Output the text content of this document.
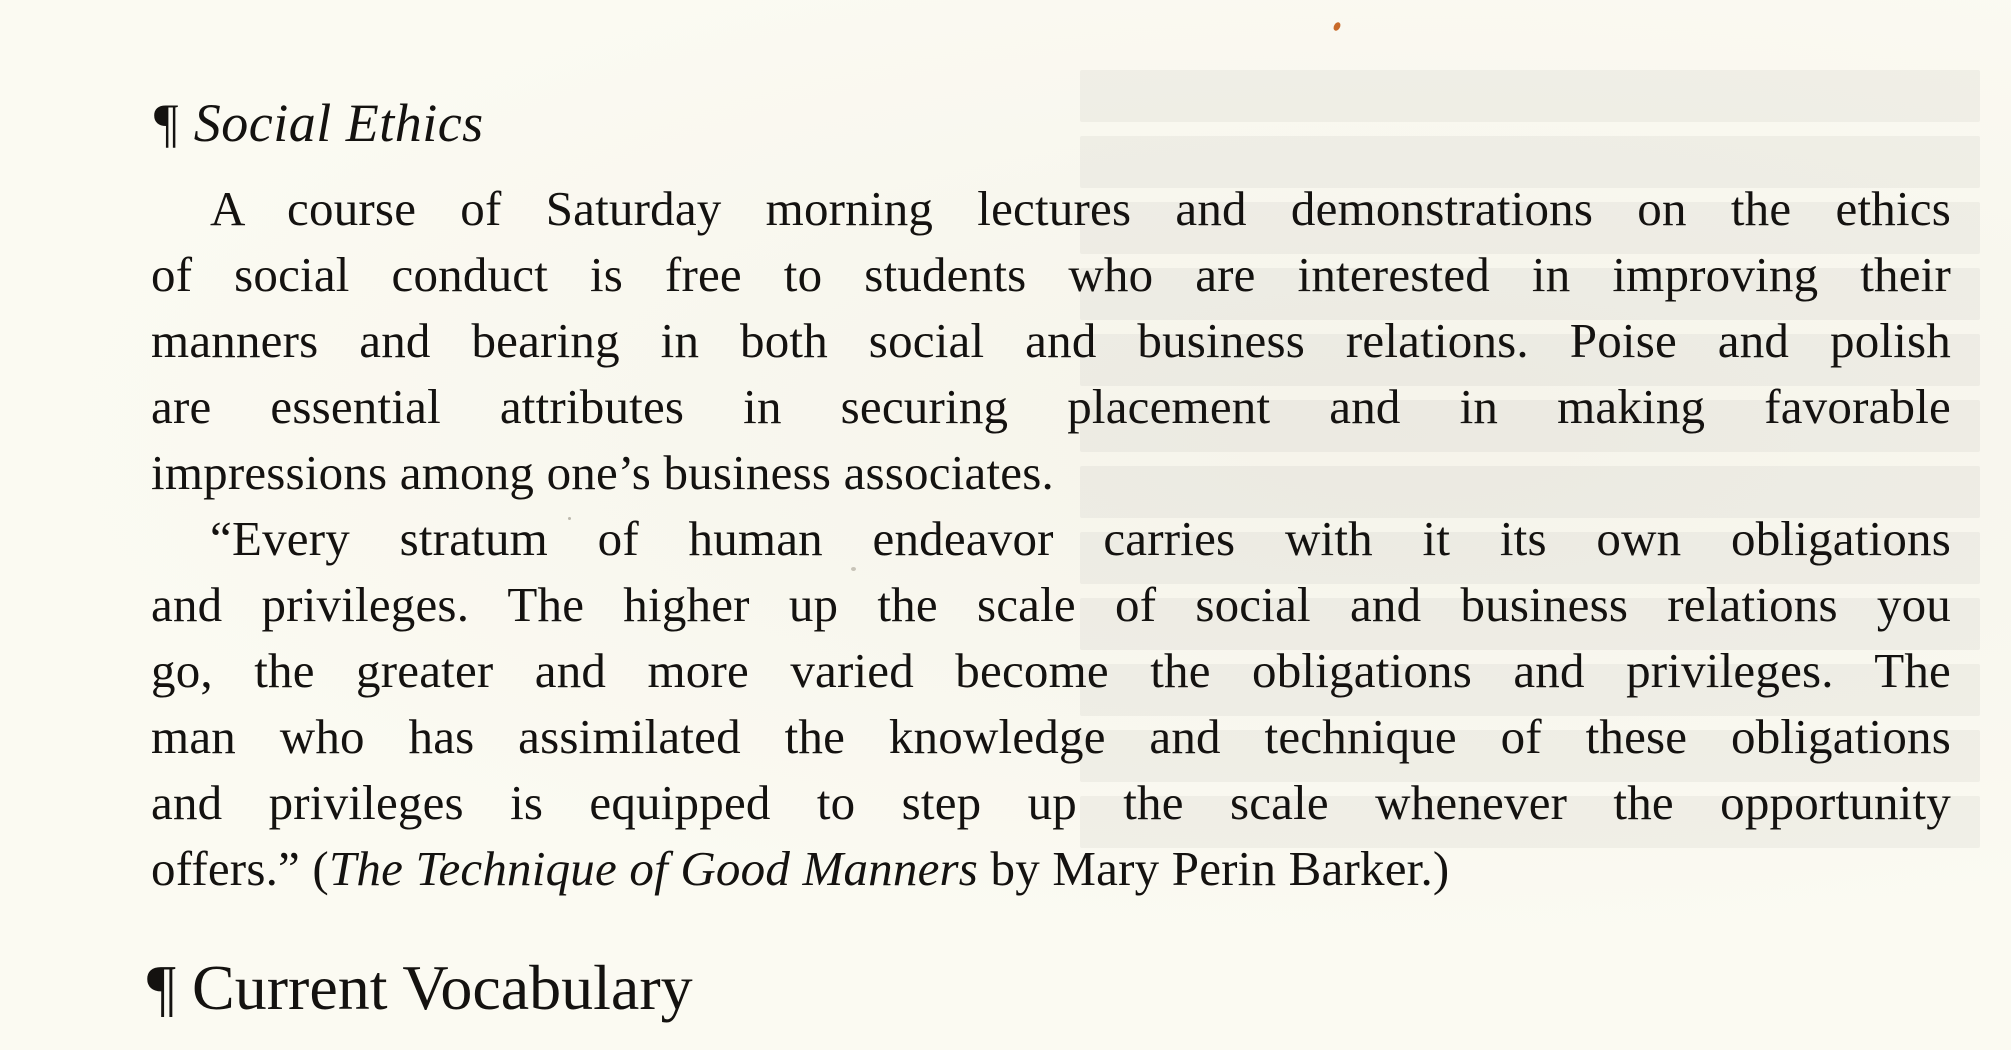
¶ Social Ethics
A course of Saturday morning lectures and demonstrations on the ethics
of social conduct is free to students who are interested in improving their
manners and bearing in both social and business relations. Poise and polish
are essential attributes in securing placement and in making favorable
impressions among one’s business associates.
“Every stratum of human endeavor carries with it its own obligations
and privileges. The higher up the scale of social and business relations you
go, the greater and more varied become the obligations and privileges. The
man who has assimilated the knowledge and technique of these obligations
and privileges is equipped to step up the scale whenever the opportunity
offers.” (The Technique of Good Manners by Mary Perin Barker.)
¶ Current Vocabulary
